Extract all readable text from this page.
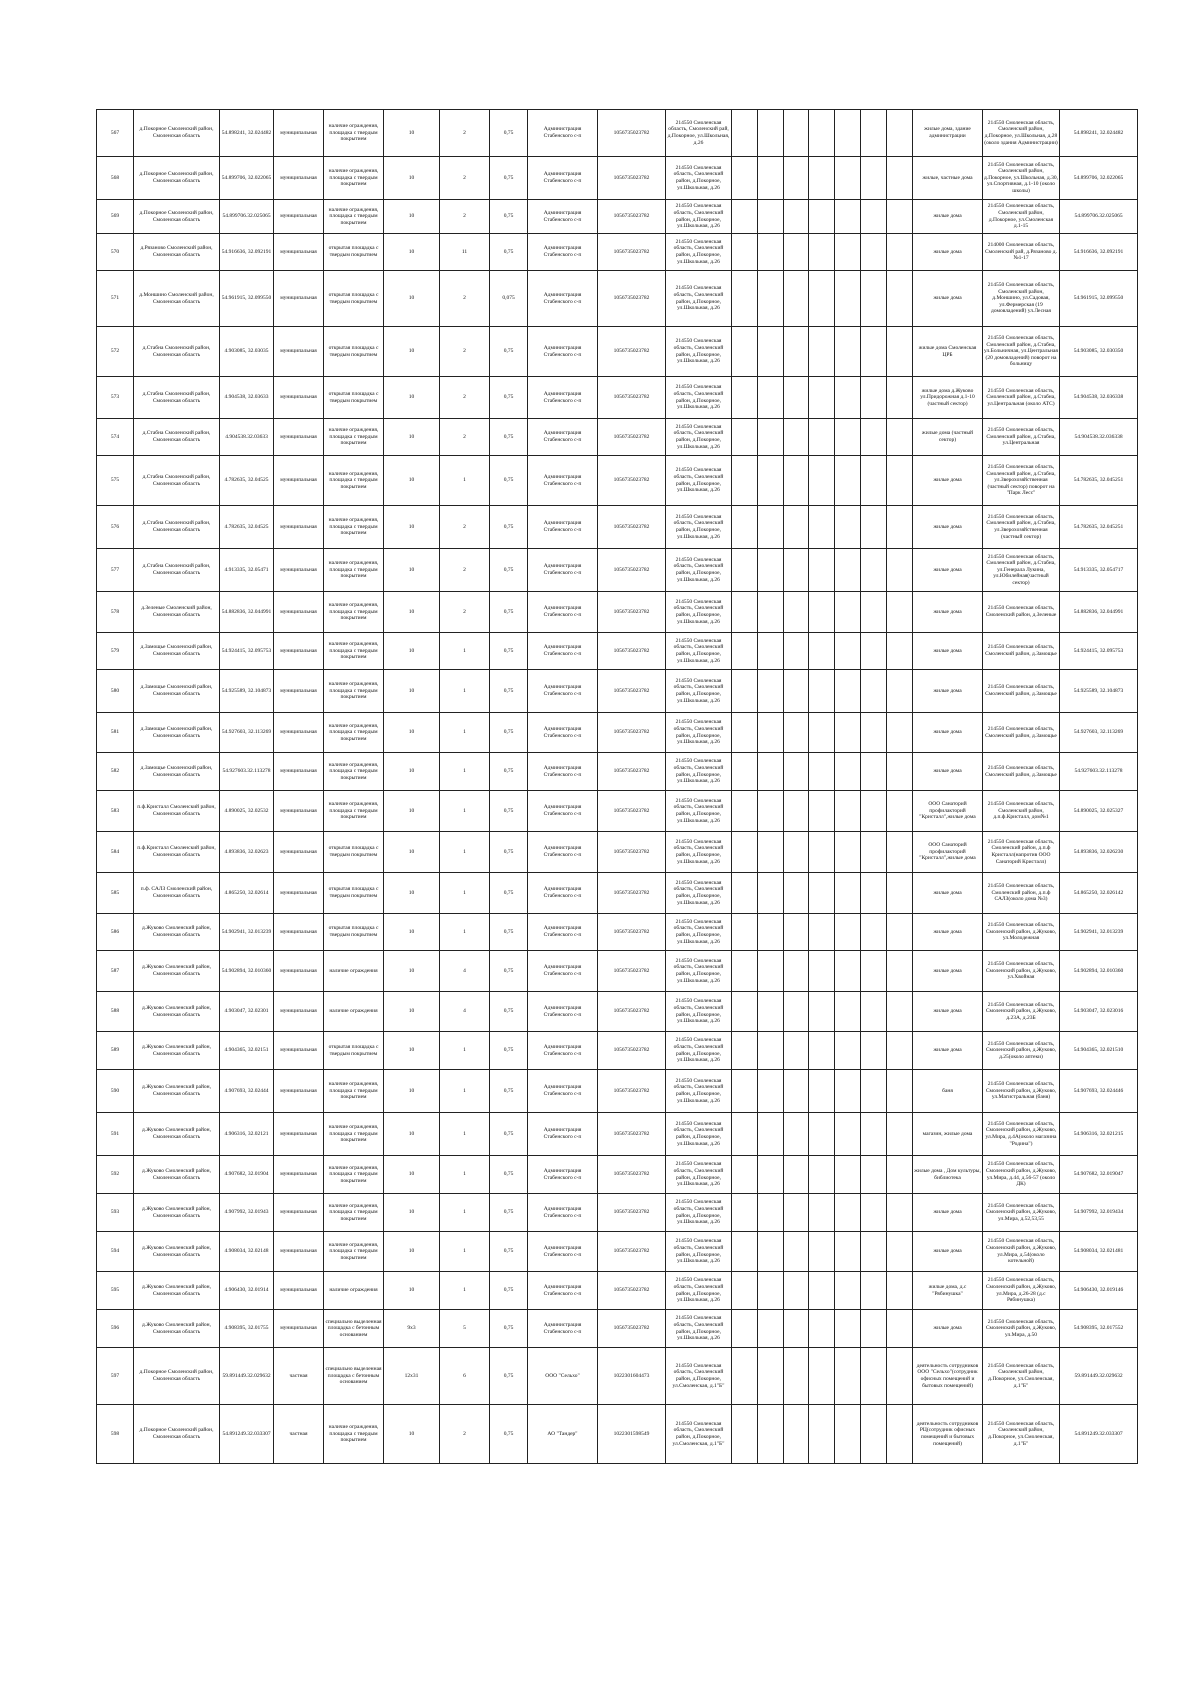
567	д.Покорное Смоленский район, Смоленская область	54.898241, 32.024482	муниципальная	наличие ограждения, площадка с твердым покрытием	10	2	0,75	Администрация Стабенского с-п	1056735023782	214550 Смоленская область, Смоленский рай, д.Покорное, ул.Школьная, д.26								жилые дома, здание администрации	214550 Смоленская область, Смоленский район, д.Покорное, ул.Школьная, д.28 (около здания Администрации)	54.898241, 32.024482
568	д.Покорное Смоленский район, Смоленская область	54.899706, 32.022065	муниципальная	наличие ограждения, площадка с твердым покрытием	10	2	0,75	Администрация Стабенского с-п	1056735023782	214550 Смоленская область, Смоленский район, д.Покорное, ул.Школьная, д.26								жилые, частные дома	214550 Смоленская область, Смоленский район, д.Покорное, ул.Школьная, д.30, ул.Спортивная, д.1-10 (около школы)	54.899706, 32.022065
569	д.Покорное Смоленский район, Смоленская область	54.899706.32.025065	муниципальная	наличие ограждения, площадка с твердым покрытием	10	2	0,75	Администрация Стабенского с-п	1056735023782	214550 Смоленская область, Смоленский район, д.Покорное, ул.Школьная, д.26								жилые дома	214550 Смоленская область, Смоленский район, д.Покорное, ул.Смоленская д.1-15	54.899706.32.025065
570	д.Рязаново Смоленский район, Смоленская область	54.916636, 32.092191	муниципальная	открытая площадка с твердым покрытием	10	11	0,75	Администрация Стабенского с-п	1056735023782	214550 Смоленская область, Смоленский район, д.Покорное, ул.Школьная, д.26								жилые дома	214000 Смоленская область, Смоленский рай, д.Рязаново д.№1-17	54.916636, 32.092191
571	д.Моншино Смоленский район, Смоленская область	54.961915, 32.099550	муниципальная	открытая площадка с твердым покрытием	10	2	0,075	Администрация Стабенского с-п	1056735023782	214550 Смоленская область, Смоленский район, д.Покорное, ул.Школьная, д.26								жилые дома	214550 Смоленская область, Смоленский район, д.Моншино, ул.Садовая, ул.Фермерская (19 домовладений) ул.Лесная	54.961915, 32.099550
572	д.Стабна Смоленский район, Смоленская область	4.903085, 32.03035	муниципальная	открытая площадка с твердым покрытием	10	2	0,75	Администрация Стабенского с-п	1056735023782	214550 Смоленская область, Смоленский район, д.Покорное, ул.Школьная, д.26								жилые дома Смоленская ЦРБ	214550 Смоленская область, Смоленский район, д.Стабна, ул.Больничная, ул.Центральная (20 домовладений) поворот на больницу	54.903085, 32.030350
573	д.Стабна Смоленский район, Смоленская область	4.904538, 32.03633	муниципальная	открытая площадка с твердым покрытием	10	2	0,75	Администрация Стабенского с-п	1056735023782	214550 Смоленская область, Смоленский район, д.Покорное, ул.Школьная, д.26								жилые дома д.Жуково ул.Придорожная д.1-10 (частный сектор)	214550 Смоленская область, Смоленский район, д.Стабна, ул.Центральная (около АТС)	54.904538, 32.036338
574	д.Стабна Смоленский район, Смоленская область	4.904538.32.03633	муниципальная	наличие ограждения, площадка с твердым покрытием	10	2	0,75	Администрация Стабенского с-п	1056735023782	214550 Смоленская область, Смоленский район, д.Покорное, ул.Школьная, д.26								жилые дома (частный сектор)	214550 Смоленская область, Смоленский район, д.Стабна, ул.Центральная	54.904538.32.036338
575	д.Стабна Смоленский район, Смоленская область	4.782635, 32.04525	муниципальная	наличие ограждения, площадка с твердым покрытием	10	1	0,75	Администрация Стабенского с-п	1056735023782	214550 Смоленская область, Смоленский район, д.Покорное, ул.Школьная, д.26								жилые дома	214550 Смоленская область, Смоленский район, д.Стабна, ул.Зверохозяйственная (частный сектор) поворот на "Парк Лесс"	54.782635, 32.045251
576	д.Стабна Смоленский район, Смоленская область	4.782635, 32.04525	муниципальная	наличие ограждения, площадка с твердым покрытием	10	2	0,75	Администрация Стабенского с-п	1056735023782	214550 Смоленская область, Смоленский район, д.Покорное, ул.Школьная, д.26								жилые дома	214550 Смоленская область, Смоленский район, д.Стабна, ул.Зверохозяйственная (частный сектор)	54.782635, 32.045251
577	д.Стабна Смоленский район, Смоленская область	4.913335, 32.05471	муниципальная	наличие ограждения, площадка с твердым покрытием	10	2	0,75	Администрация Стабенского с-п	1056735023782	214550 Смоленская область, Смоленский район, д.Покорное, ул.Школьная, д.26								жилые дома	214550 Смоленская область, Смоленский район, д.Стабна, ул.Генерала Лукина, ул.Юбилейная(частный сектор)	54.913335, 32.054717
578	д.Зеленые Смоленский район, Смоленская область	54.882836, 32.044991	муниципальная	наличие ограждения, площадка с твердым покрытием	10	2	0,75	Администрация Стабенского с-п	1056735023782	214550 Смоленская область, Смоленский район, д.Покорное, ул.Школьная, д.26								жилые дома	214550 Смоленская область, Смоленский район, д.Зеленые	54.882836, 32.044991
579	д.Замощье Смоленский район, Смоленская область	54.924415, 32.095753	муниципальная	наличие ограждения, площадка с твердым покрытием	10	1	0,75	Администрация Стабенского с-п	1056735023782	214550 Смоленская область, Смоленский район, д.Покорное, ул.Школьная, д.26								жилые дома	214550 Смоленская область, Смоленский район, д.Замощье	54.924415, 32.095753
580	д.Замощье Смоленский район, Смоленская область	54.925589, 32.104873	муниципальная	наличие ограждения, площадка с твердым покрытием	10	1	0,75	Администрация Стабенского с-п	1056735023782	214550 Смоленская область, Смоленский район, д.Покорное, ул.Школьная, д.26								жилые дома	214550 Смоленская область, Смоленский район, д.Замощье	54.925589, 32.104873
581	д.Замощье Смоленский район, Смоленская область	54.927603, 32.113269	муниципальная	наличие ограждения, площадка с твердым покрытием	10	1	0,75	Администрация Стабенского с-п	1056735023782	214550 Смоленская область, Смоленский район, д.Покорное, ул.Школьная, д.26								жилые дома	214550 Смоленская область, Смоленский район, д.Замощье	54.927603, 32.113269
582	д.Замощье Смоленский район, Смоленская область	54.927603.32.113278	муниципальная	наличие ограждения, площадка с твердым покрытием	10	1	0,75	Администрация Стабенского с-п	1056735023782	214550 Смоленская область, Смоленский район, д.Покорное, ул.Школьная, д.26								жилые дома	214550 Смоленская область, Смоленский район, д.Замощье	54.927603.32.113278
583	п.ф.Кристалл Смоленский район, Смоленская область	4.890025, 32.02532	муниципальная	наличие ограждения, площадка с твердым покрытием	10	1	0,75	Администрация Стабенского с-п	1056735023782	214550 Смоленская область, Смоленский район, д.Покорное, ул.Школьная, д.26								ООО Санаторий профилакторий "Кристалл",жилые дома	214550 Смоленская область, Смоленский район, д.п.ф.Кристалл, дом№1	54.890025, 32.025327
584	п.ф.Кристалл Смоленский район, Смоленская область	4.893836, 32.02623	муниципальная	открытая площадка с твердым покрытием	10	1	0,75	Администрация Стабенского с-п	1056735023782	214550 Смоленская область, Смоленский район, д.Покорное, ул.Школьная, д.26								ООО Санаторий профилакторий "Кристалл",жилые дома	214550 Смоленская область, Смоленский район, д.п.ф Кристалл(напротив ООО Санаторий Кристалл)	54.893836, 32.026230
585	п.ф. САЛЗ Смоленский район, Смоленская область	4.865250, 32.02614	муниципальная	открытая площадка с твердым покрытием	10	1	0,75	Администрация Стабенского с-п	1056735023782	214550 Смоленская область, Смоленский район, д.Покорное, ул.Школьная, д.26								жилые дома	214550 Смоленская область, Смоленский район, д.п.ф САЛЗ(около дома №3)	54.865250, 32.026142
586	д.Жуково Смоленский район, Смоленская область	54.902941, 32.013239	муниципальная	открытая площадка с твердым покрытием	10	1	0,75	Администрация Стабенского с-п	1056735023782	214550 Смоленская область, Смоленский район, д.Покорное, ул.Школьная, д.26								жилые дома	214550 Смоленская область, Смоленский район, д.Жуково, ул.Молодежная	54.902941, 32.013239
587	д.Жуково Смоленский район, Смоленская область	54.902894, 32.010360	муниципальная	наличие ограждения	10	4	0,75	Администрация Стабенского с-п	1056735023782	214550 Смоленская область, Смоленский район, д.Покорное, ул.Школьная, д.26								жилые дома	214550 Смоленская область, Смоленский район, д.Жуково, ул.Хвойная	54.902894, 32.010360
588	д.Жуково Смоленский район, Смоленская область	4.903047, 32.02301	муниципальная	наличие ограждения	10	4	0,75	Администрация Стабенского с-п	1056735023782	214550 Смоленская область, Смоленский район, д.Покорное, ул.Школьная, д.26								жилые дома	214550 Смоленская область, Смоленский район, д.Жуково, д.23А, д.23Б	54.903047, 32.023016
589	д.Жуково Смоленский район, Смоленская область	4.904365, 32.02151	муниципальная	открытая площадка с твердым покрытием	10	1	0,75	Администрация Стабенского с-п	1056735023782	214550 Смоленская область, Смоленский район, д.Покорное, ул.Школьная, д.26								жилые дома	214550 Смоленская область, Смоленский район, д.Жуково, д.25(около аптеки)	54.904365, 32.021510
590	д.Жуково Смоленский район, Смоленская область	4.907693, 32.02444	муниципальная	наличие ограждения, площадка с твердым покрытием	10	1	0,75	Администрация Стабенского с-п	1056735023782	214550 Смоленская область, Смоленский район, д.Покорное, ул.Школьная, д.26								баня	214550 Смоленская область, Смоленский район, д.Жуково, ул.Магистральная (баня)	54.907693, 32.024446
591	д.Жуково Смоленский район, Смоленская область	4.906316, 32.02121	муниципальная	наличие ограждения, площадка с твердым покрытием	10	1	0,75	Администрация Стабенского с-п	1056735023782	214550 Смоленская область, Смоленский район, д.Покорное, ул.Школьная, д.26								магазин, жилые дома	214550 Смоленская область, Смоленский район, д.Жуково, ул.Мира, д.4А(около магазина "Родина")	54.906316, 32.021215
592	д.Жуково Смоленский район, Смоленская область	4.907682, 32.01904	муниципальная	наличие ограждения, площадка с твердым покрытием	10	1	0,75	Администрация Стабенского с-п	1056735023782	214550 Смоленская область, Смоленский район, д.Покорное, ул.Школьная, д.26								жилые дома , Дом культуры, библиотека	214550 Смоленская область, Смоленский район, д.Жуково, ул.Мира, д.44, д.56-57 (около ДК)	54.907682, 32.019047
593	д.Жуково Смоленский район, Смоленская область	4.907992, 32.01943	муниципальная	наличие ограждения, площадка с твердым покрытием	10	1	0,75	Администрация Стабенского с-п	1056735023782	214550 Смоленская область, Смоленский район, д.Покорное, ул.Школьная, д.26								жилые дома	214550 Смоленская область, Смоленский район, д.Жуково, ул.Мира, д.52,53,55	54.907992, 32.019434
594	д.Жуково Смоленский район, Смоленская область	4.908034, 32.02148	муниципальная	наличие ограждения, площадка с твердым покрытием	10	1	0,75	Администрация Стабенского с-п	1056735023782	214550 Смоленская область, Смоленский район, д.Покорное, ул.Школьная, д.26								жилые дома	214550 Смоленская область, Смоленский район, д.Жуково, ул.Мира, д.54(около котельной)	54.908034, 32.021481
595	д.Жуково Смоленский район, Смоленская область	4.906430, 32.01914	муниципальная	наличие ограждения	10	1	0,75	Администрация Стабенского с-п	1056735023782	214550 Смоленская область, Смоленский район, д.Покорное, ул.Школьная, д.26								жилые дома, д.с "Рябинушка"	214550 Смоленская область, Смоленский район, д.Жуково, ул.Мира, д.26-28 (д.с Рябинушка)	54.906430, 32.019146
596	д.Жуково Смоленский район, Смоленская область	4.908395, 32.01755	муниципальная	специально выделенная площадка с бетонным основанием	9x3	5	0,75	Администрация Стабенского с-п	1056735023782	214550 Смоленская область, Смоленский район, д.Покорное, ул.Школьная, д.26								жилые дома	214550 Смоленская область, Смоленский район, д.Жуково, ул.Мира, д.50	54.908395, 32.017552
597	д.Покорное Смоленский район, Смоленская область	59.891449.32.029632	частная	специально выделенная площадка с бетонным основанием	12x31	6	0,75	ООО "Сельхо"	1022301604473	214550 Смоленская область, Смоленский район, д.Покорное, ул.Смоленская, д.1"Б"								деятельность сотрудников ООО "Сельхо"(сотрудник офисных помещений и бытовых помещений)	214550 Смоленская область, Смоленский район, д.Покорное, ул.Смоленская, д.1"Б"	59.891449.32.029632
598	д.Покорное Смоленский район, Смоленская область	54.891249.32.033307	частная	наличие ограждения, площадка с твердым покрытием	10	2	0,75	АО "Тандер"	1022301598549	214550 Смоленская область, Смоленский район, д.Покорное, ул.Смоленская, д.1"Б"								деятельность сотрудников РЦ(сотрудник офисных помещений и бытовых помещений)	214550 Смоленская область, Смоленский район, д.Покорное, ул.Смоленская, д.1"Б"	54.891249.32.033307
